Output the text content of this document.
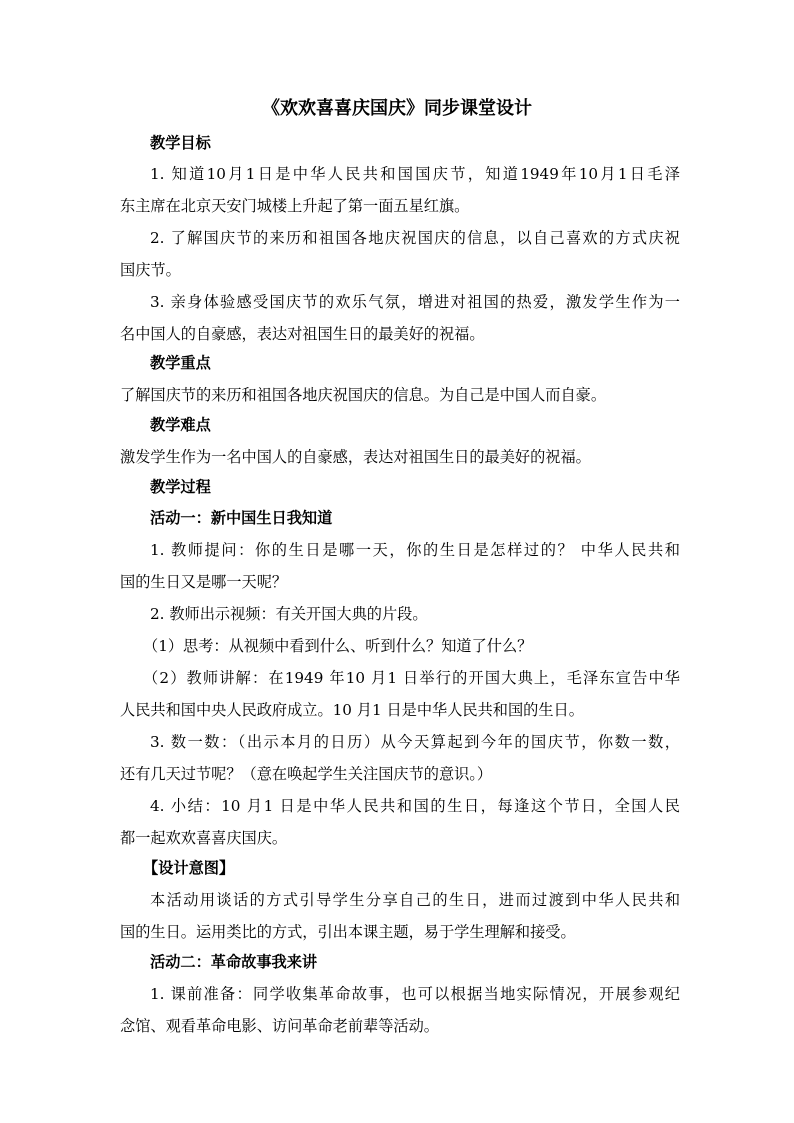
《欢欢喜喜庆国庆》同步课堂设计
教学目标
1. 知道10月1日是中华人民共和国国庆节，知道1949年10月1日毛泽
东主席在北京天安门城楼上升起了第一面五星红旗。
2. 了解国庆节的来历和祖国各地庆祝国庆的信息，以自己喜欢的方式庆祝
国庆节。
3. 亲身体验感受国庆节的欢乐气氛，增进对祖国的热爱，激发学生作为一
名中国人的自豪感，表达对祖国生日的最美好的祝福。
教学重点
了解国庆节的来历和祖国各地庆祝国庆的信息。为自己是中国人而自豪。
教学难点
激发学生作为一名中国人的自豪感，表达对祖国生日的最美好的祝福。
教学过程
活动一：新中国生日我知道
1. 教师提问：你的生日是哪一天，你的生日是怎样过的？ 中华人民共和
国的生日又是哪一天呢？
2. 教师出示视频：有关开国大典的片段。
（1）思考：从视频中看到什么、听到什么？知道了什么？
（2）教师讲解：在1949 年10 月1 日举行的开国大典上，毛泽东宣告中华
人民共和国中央人民政府成立。10 月1 日是中华人民共和国的生日。
3. 数一数：（出示本月的日历）从今天算起到今年的国庆节，你数一数，
还有几天过节呢？（意在唤起学生关注国庆节的意识。）
4. 小结：10 月1 日是中华人民共和国的生日，每逢这个节日，全国人民
都一起欢欢喜喜庆国庆。
【设计意图】
本活动用谈话的方式引导学生分享自己的生日，进而过渡到中华人民共和
国的生日。运用类比的方式，引出本课主题，易于学生理解和接受。
活动二：革命故事我来讲
1. 课前准备：同学收集革命故事，也可以根据当地实际情况，开展参观纪
念馆、观看革命电影、访问革命老前辈等活动。
